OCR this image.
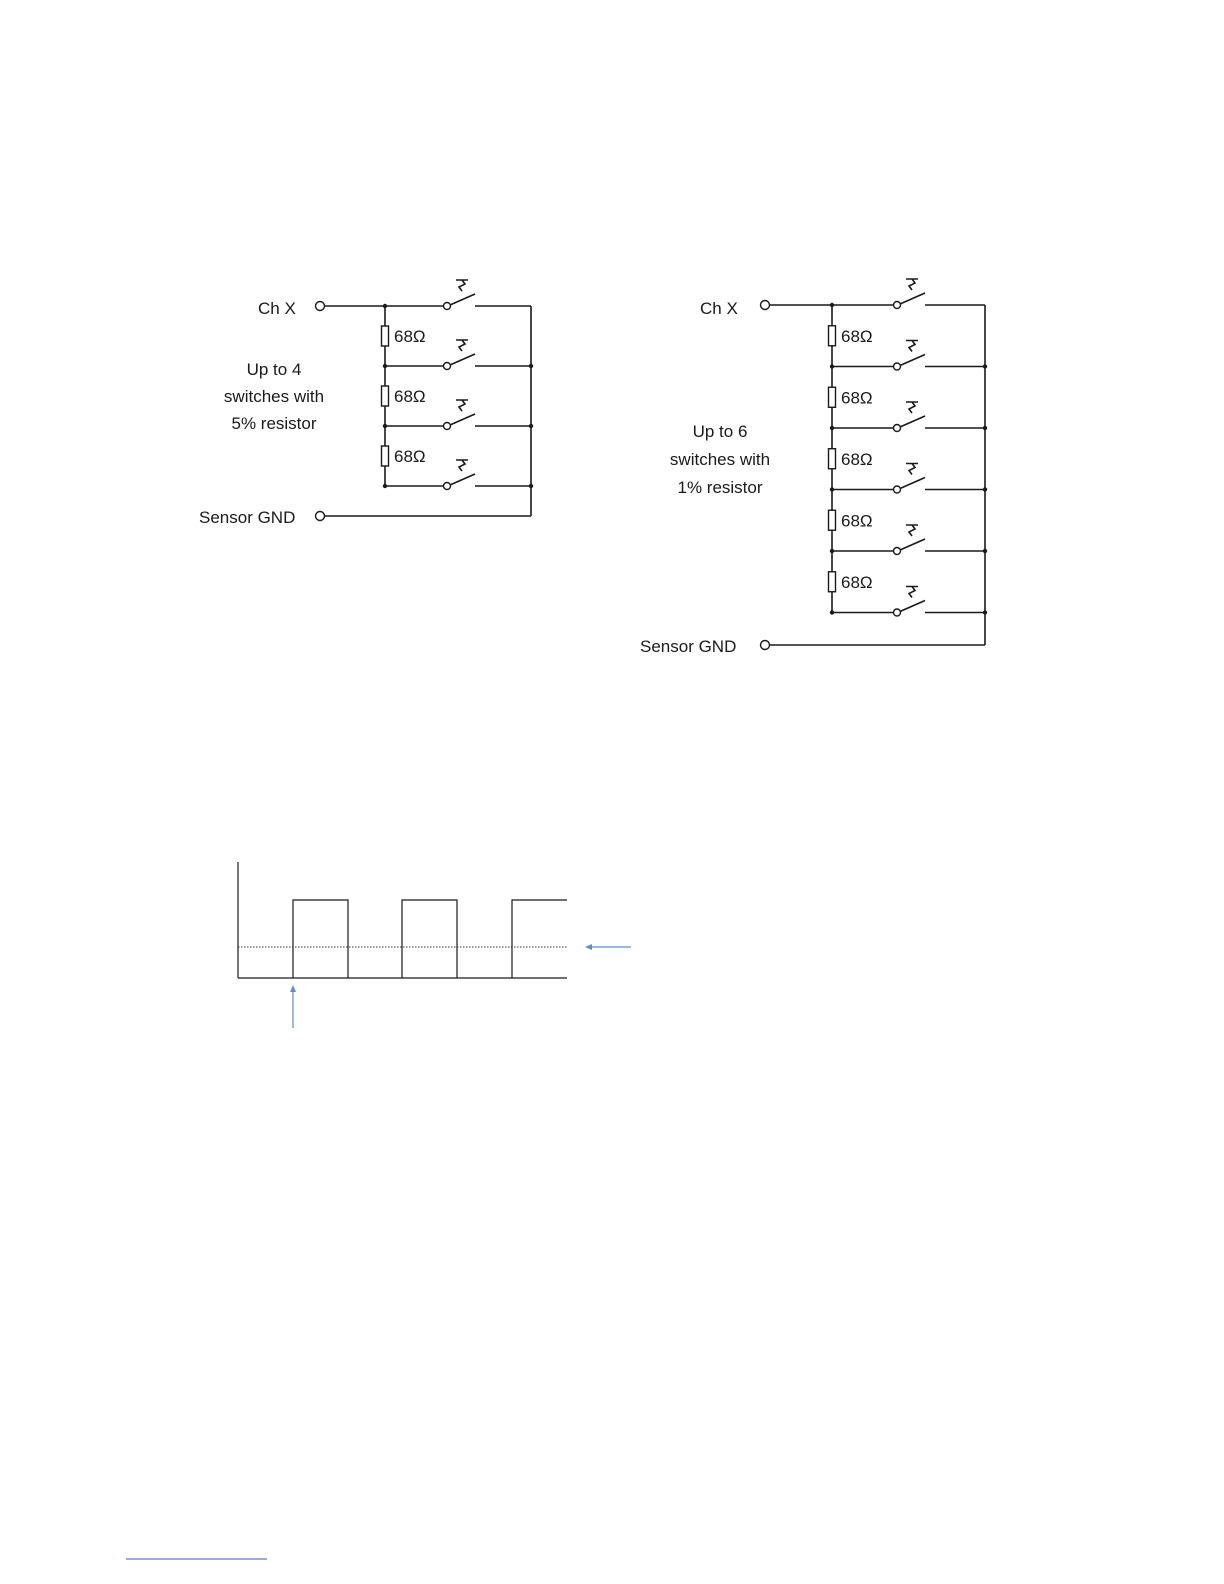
Ch X
Sensor GND
Up to 4
switches with
5% resistor
68Ω
68Ω
68Ω
Ch X
Sensor GND
Up to 6
switches with
1% resistor
68Ω
68Ω
68Ω
68Ω
68Ω
